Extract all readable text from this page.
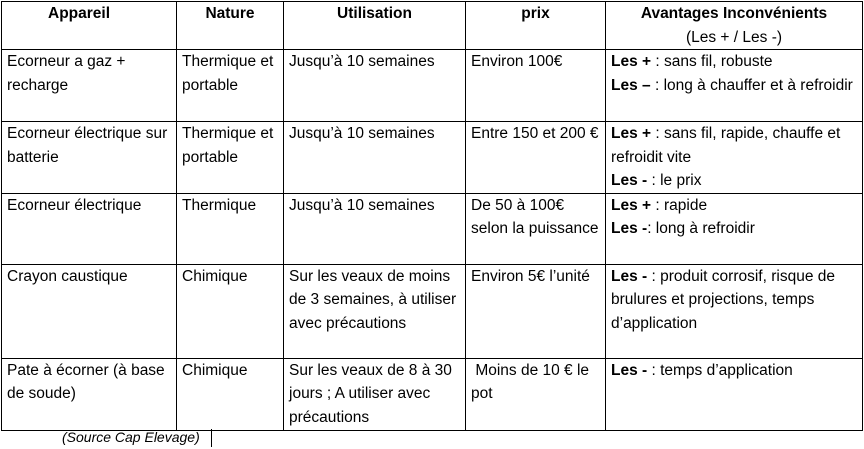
Appareil	Nature	Utilisation	prix	Avantages Inconvénients
(Les + / Les -)

Ecorneur a gaz + recharge	Thermique et portable	Jusqu’à 10 semaines	Environ 100€	Les + : sans fil, robuste
Les – : long à chauffer et à refroidir

Ecorneur électrique sur batterie	Thermique et portable	Jusqu’à 10 semaines	Entre 150 et 200 €	Les + : sans fil, rapide, chauffe et refroidit vite
Les - : le prix

Ecorneur électrique	Thermique	Jusqu’à 10 semaines	De 50 à 100€ selon la puissance	Les + : rapide
Les -: long à refroidir

Crayon caustique	Chimique	Sur les veaux de moins de 3 semaines, à utiliser avec précautions	Environ 5€ l’unité	Les - : produit corrosif, risque de brulures et projections, temps d’application

Pate à écorner (à base de soude)	Chimique	Sur les veaux de 8 à 30 jours ; A utiliser avec précautions	Moins de 10 € le pot	Les - : temps d’application
(Source Cap Elevage)
